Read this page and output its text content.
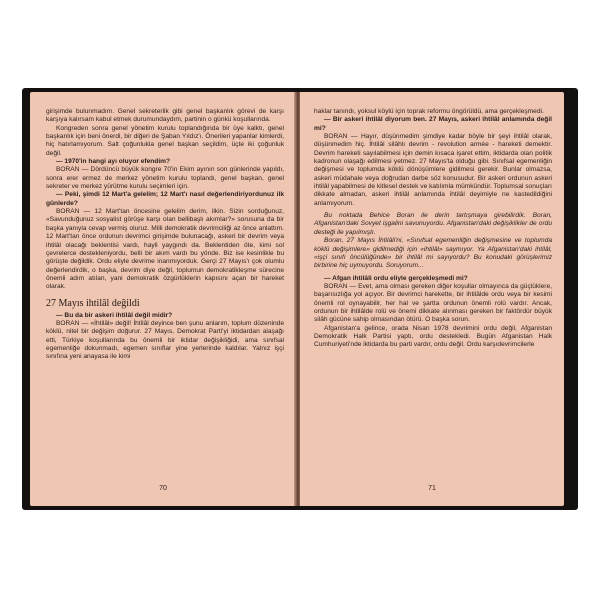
girişimde bulunmadım. Genel sekreterlik gibi genel başkanlık görevi de karşı karşıya kalırsam kabul etmek durumundaydım, partinin o günkü koşullarında.

Kongreden sonra genel yönetim kurulu toplandığında bir üye kalktı, genel başkanlık için beni önerdi, bir diğeri de Şaban Yıldız'ı. Önerileri yapanlar kimlerdi, hiç hatırlamıyorum. Salt çoğunlukla genel başkan seçildim, üçte iki çoğunluk değil.

— 1970'in hangi ayı oluyor efendim?

BORAN — Dördüncü büyük kongre 70'in Ekim ayının son günlerinde yapıldı, sonra erer ermez de merkez yönetim kurulu toplandı, genel başkan, genel sekreter ve merkez yürütme kurulu seçimleri için.

— Peki, şimdi 12 Mart'a gelelim; 12 Mart'ı nasıl değerlendiriyordunuz ilk günlerde?

BORAN — 12 Mart'tan öncesine gelelim derim, ilkin. Sizin sorduğunuz, «Savunduğunuz sosyalist görüşe karşı olan bellibaşlı akımlar?» sorusuna da bir başka yanıyla cevap vermiş oluruz. Milli demokratik devrimciliği az önce anlattım. 12 Mart'tan önce ordunun devrimci girişimde bulunacağı, askeri bir devrim veya ihtilâl olacağı beklentisi vardı, hayli yaygındı da. Beklentiden öte, kimi sol çevrelerce destekleniyordu, belli bir akım vardı bu yönde. Biz ise kesinlikle bu görüşte değildik. Ordu eliyle devrime inanmıyorduk. Gerçi 27 Mayıs'ı çok olumlu değerlendirdik, o başka, devrim diye değil, toplumun demokratikleşme sürecine önemli adım atılan, yani demokratik özgürlüklerin kapısını açan bir hareket olarak.

27 Mayıs ihtilâl değildi

— Bu da bir askeri ihtilâl değil midir?

BORAN — «İhtilâl» değil! İhtilâl deyince ben şunu anlarım, toplum düzeninde köklü, nitel bir değişim doğurur. 27 Mayıs, Demokrat Parti'yi iktidardan alaşağı etti, Türkiye koşullarında bu önemli bir iktidar değişikliğidi, ama sınıfsal egemenliğe dokunmadı, egemen sınıflar yine yerlerinde kaldılar. Yalnız işçi sınıfına yeni anayasa ile kimi

70

haklar tanındı, yoksul köylü için toprak reformu öngörüldü, ama gerçekleşmedi.

— Bir askeri ihtilâl diyorum ben. 27 Mayıs, askeri ihtilâl anlamında değil mi?

BORAN — Hayır, düşünmedim şimdiye kadar böyle bir şeyi ihtilâl olarak, düşünmedim hiç. İhtilâl silâhlı devrim - revolution armée - hareketi demektir. Devrim hareketi sayılabilmesi için demin kısaca işaret ettim, iktidarda olan politik kadronun olaşağı edilmesi yetmez. 27 Mayıs'ta olduğu gibi. Sınıfsal egemenliğin değişmesi ve toplumda köklü dönüşümlere gidilmesi gerekir. Bunlar olmazsa, askeri müdahale veya doğrudan darbe söz konusudur. Bir askeri ordunun askeri ihtilâl yapabilmesi de kitlesel destek ve katılımla mümkündür. Toplumsal sonuçları dikkate almadan, askeri ihtilâl anlamında ihtilâl deyimiyle ne kastedildiğini anlamıyorum.

Bu noktada Behice Boran ile derin tartışmaya girebilirdik. Boran, Afganistan'daki Sovyet işgalini savunuyordu. Afganistan'daki değişiklikler de ordu desteği ile yapılmıştı.

Boran, 27 Mayıs İhtilâli'ni, «Sınıfsal egemenliğin değişmesine ve toplumda köklü değişimlere» gidilmediği için «ihtilâl» saymıyor. Ya Afganistan'daki ihtilâl, «işçi sınıfı öncülüğünde» bir ihtilâl mi sayıyordu? Bu konudaki görüşlerimiz birbirine hiç uymuyordu. Soruyorum...

— Afgan ihtilâli ordu eliyle gerçekleşmedi mi?

BORAN — Evet, ama olması gereken diğer koşullar olmayınca da güçlüklere, başarısızlığa yol açıyor. Bir devrimci harekette, bir ihtilâlde ordu veya bir kesimi önemli rol oynayabilir, her hal ve şartta ordunun önemli rolü vardır. Ancak, ordunun bir ihtilâlde rolü ve önemi dikkate alınması gereken bir faktördür büyük silâh gücüne sahip olmasından ötürü. O başka sorun.

Afganistan'a gelince, orada Nisan 1978 devrimini ordu değil, Afganistan Demokratik Halk Partisi yaptı, ordu destekledi. Bugün Afganistan Halk Cumhuriyeti'nde iktidarda bu parti vardır, ordu değil. Ordu karşıdevrimcilerle

71
